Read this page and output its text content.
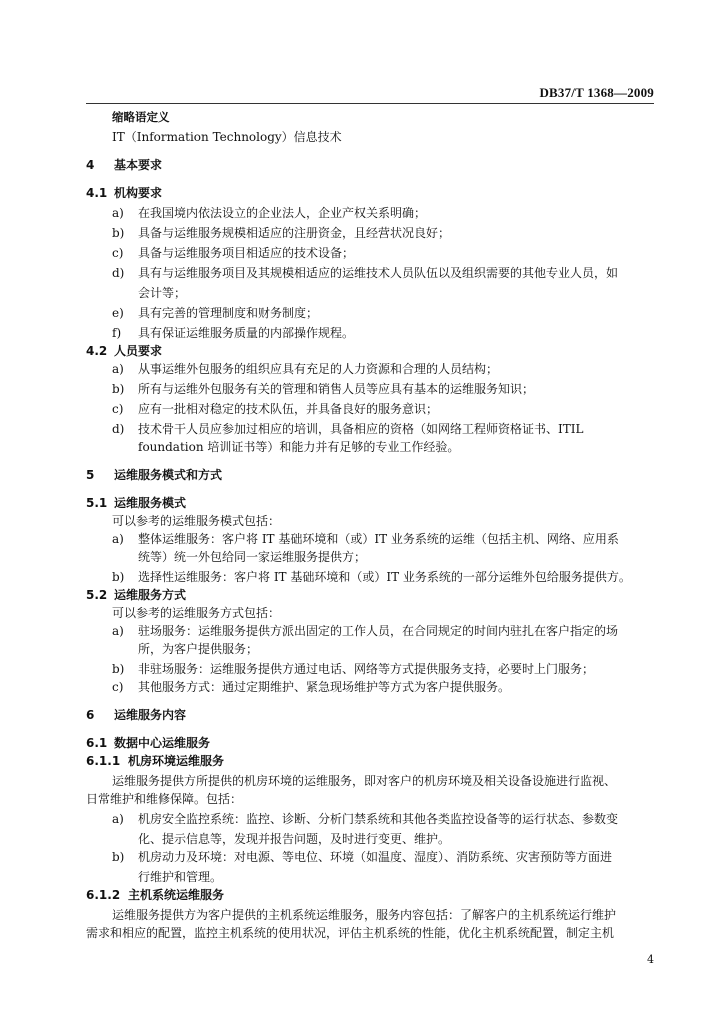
DB37/T 1368—2009
缩略语定义
IT（Information Technology）信息技术
4 基本要求
4.1 机构要求
a) 在我国境内依法设立的企业法人，企业产权关系明确；
b) 具备与运维服务规模相适应的注册资金，且经营状况良好；
c) 具备与运维服务项目相适应的技术设备；
d) 具有与运维服务项目及其规模相适应的运维技术人员队伍以及组织需要的其他专业人员，如
会计等；
e) 具有完善的管理制度和财务制度；
f) 具有保证运维服务质量的内部操作规程。
4.2 人员要求
a) 从事运维外包服务的组织应具有充足的人力资源和合理的人员结构；
b) 所有与运维外包服务有关的管理和销售人员等应具有基本的运维服务知识；
c) 应有一批相对稳定的技术队伍，并具备良好的服务意识；
d) 技术骨干人员应参加过相应的培训，具备相应的资格（如网络工程师资格证书、ITIL
foundation 培训证书等）和能力并有足够的专业工作经验。
5 运维服务模式和方式
5.1 运维服务模式
可以参考的运维服务模式包括：
a) 整体运维服务：客户将 IT 基础环境和（或）IT 业务系统的运维（包括主机、网络、应用系
统等）统一外包给同一家运维服务提供方；
b) 选择性运维服务：客户将 IT 基础环境和（或）IT 业务系统的一部分运维外包给服务提供方。
5.2 运维服务方式
可以参考的运维服务方式包括：
a) 驻场服务：运维服务提供方派出固定的工作人员，在合同规定的时间内驻扎在客户指定的场
所，为客户提供服务；
b) 非驻场服务：运维服务提供方通过电话、网络等方式提供服务支持，必要时上门服务；
c) 其他服务方式：通过定期维护、紧急现场维护等方式为客户提供服务。
6 运维服务内容
6.1 数据中心运维服务
6.1.1 机房环境运维服务
运维服务提供方所提供的机房环境的运维服务，即对客户的机房环境及相关设备设施进行监视、
日常维护和维修保障。包括：
a) 机房安全监控系统：监控、诊断、分析门禁系统和其他各类监控设备等的运行状态、参数变
化、提示信息等，发现并报告问题，及时进行变更、维护。
b) 机房动力及环境：对电源、等电位、环境（如温度、湿度）、消防系统、灾害预防等方面进
行维护和管理。
6.1.2 主机系统运维服务
运维服务提供方为客户提供的主机系统运维服务，服务内容包括：了解客户的主机系统运行维护
需求和相应的配置，监控主机系统的使用状况，评估主机系统的性能，优化主机系统配置，制定主机
4
